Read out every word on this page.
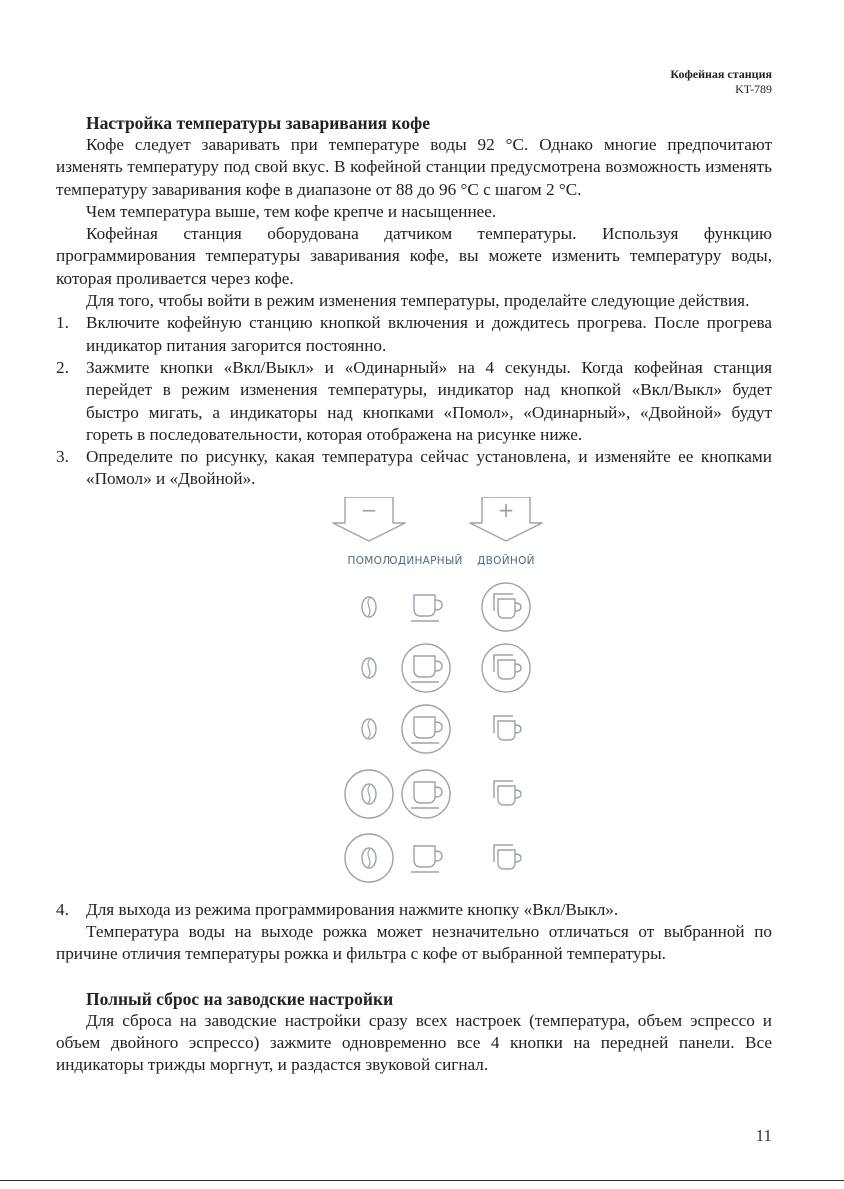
Кофейная станция
KT-789
Настройка температуры заваривания кофе

Кофе следует заваривать при температуре воды 92 °С. Однако многие предпочитают изменять температуру под свой вкус. В кофейной станции предусмотрена возможность изменять температуру заваривания кофе в диапазоне от 88 до 96 °С с шагом 2 °С.

Чем температура выше, тем кофе крепче и насыщеннее.

Кофейная станция оборудована датчиком температуры. Используя функцию программирования температуры заваривания кофе, вы можете изменить температуру воды, которая проливается через кофе.

Для того, чтобы войти в режим изменения температуры, проделайте следующие действия.

1. Включите кофейную станцию кнопкой включения и дождитесь прогрева. После прогрева индикатор питания загорится постоянно.
2. Зажмите кнопки «Вкл/Выкл» и «Одинарный» на 4 секунды. Когда кофейная станция перейдет в режим изменения температуры, индикатор над кнопкой «Вкл/Выкл» будет быстро мигать, а индикаторы над кнопками «Помол», «Одинарный», «Двойной» будут гореть в последовательности, которая отображена на рисунке ниже.
3. Определите по рисунку, какая температура сейчас установлена, и изменяйте ее кнопками «Помол» и «Двойной».
−	+
ПОМОЛ
ОДИНАРНЫЙ ДВОЙНОЙ
4. Для выхода из режима программирования нажмите кнопку «Вкл/Выкл».

Температура воды на выходе рожка может незначительно отличаться от выбранной по причине отличия температуры рожка и фильтра с кофе от выбранной температуры.

Полный сброс на заводские настройки

Для сброса на заводские настройки сразу всех настроек (температура, объем эспрессо и объем двойного эспрессо) зажмите одновременно все 4 кнопки на передней панели. Все индикаторы трижды моргнут, и раздастся звуковой сигнал.

11
